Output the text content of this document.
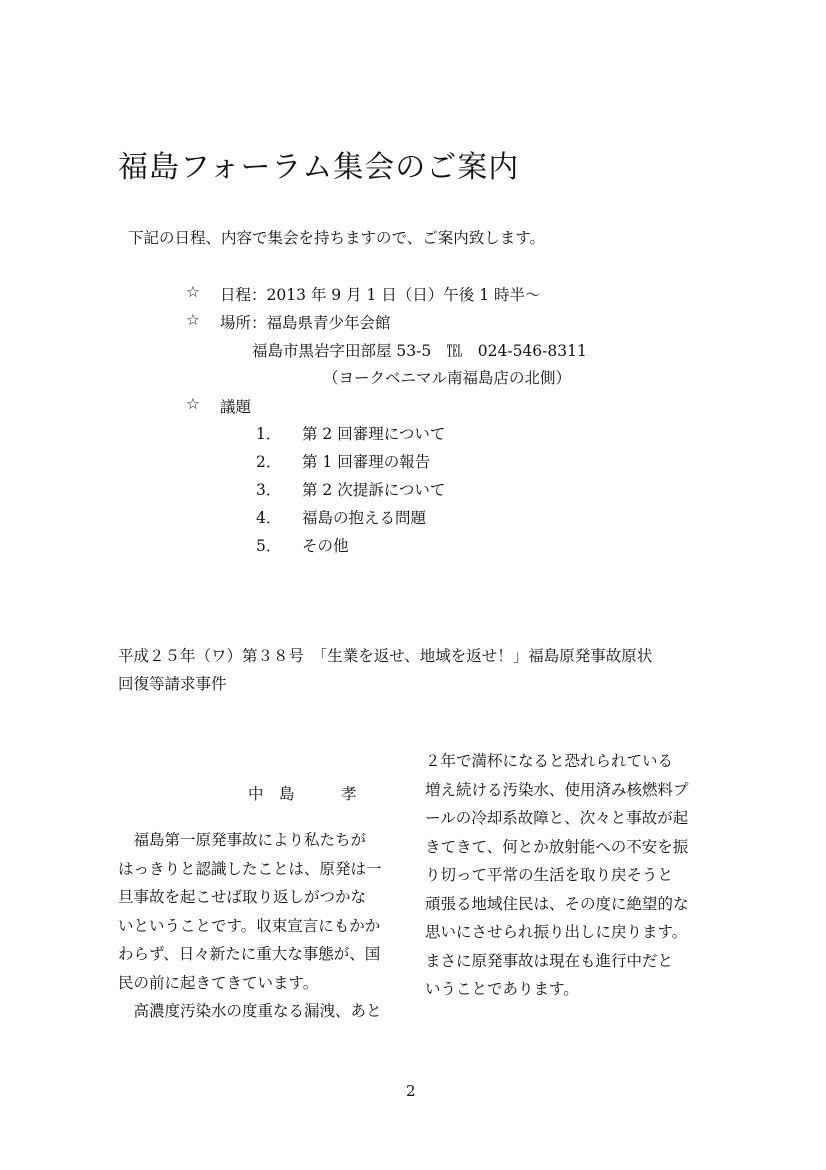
福島フォーラム集会のご案内
下記の日程、内容で集会を持ちますので、ご案内致します。
☆ 日程：2013 年 9 月 1 日（日）午後 1 時半〜
☆ 場所：福島県青少年会館
福島市黒岩字田部屋 53-5　℡　024-546-8311
（ヨークベニマル南福島店の北側）
☆ 議題
1． 第 2 回審理について
2． 第 1 回審理の報告
3． 第 2 次提訴について
4． 福島の抱える問題
5． その他
平成２５年（ワ）第３８号　「生業を返せ、地域を返せ！」福島原発事故原状
回復等請求事件
中　島　　　孝
　福島第一原発事故により私たちが
はっきりと認識したことは、原発は一
旦事故を起こせば取り返しがつかな
いということです。収束宣言にもかか
わらず、日々新たに重大な事態が、国
民の前に起きてきています。
　高濃度汚染水の度重なる漏洩、あと
２年で満杯になると恐れられている
増え続ける汚染水、使用済み核燃料プ
ールの冷却系故障と、次々と事故が起
きてきて、何とか放射能への不安を振
り切って平常の生活を取り戻そうと
頑張る地域住民は、その度に絶望的な
思いにさせられ振り出しに戻ります。
まさに原発事故は現在も進行中だと
いうことであります。
2
